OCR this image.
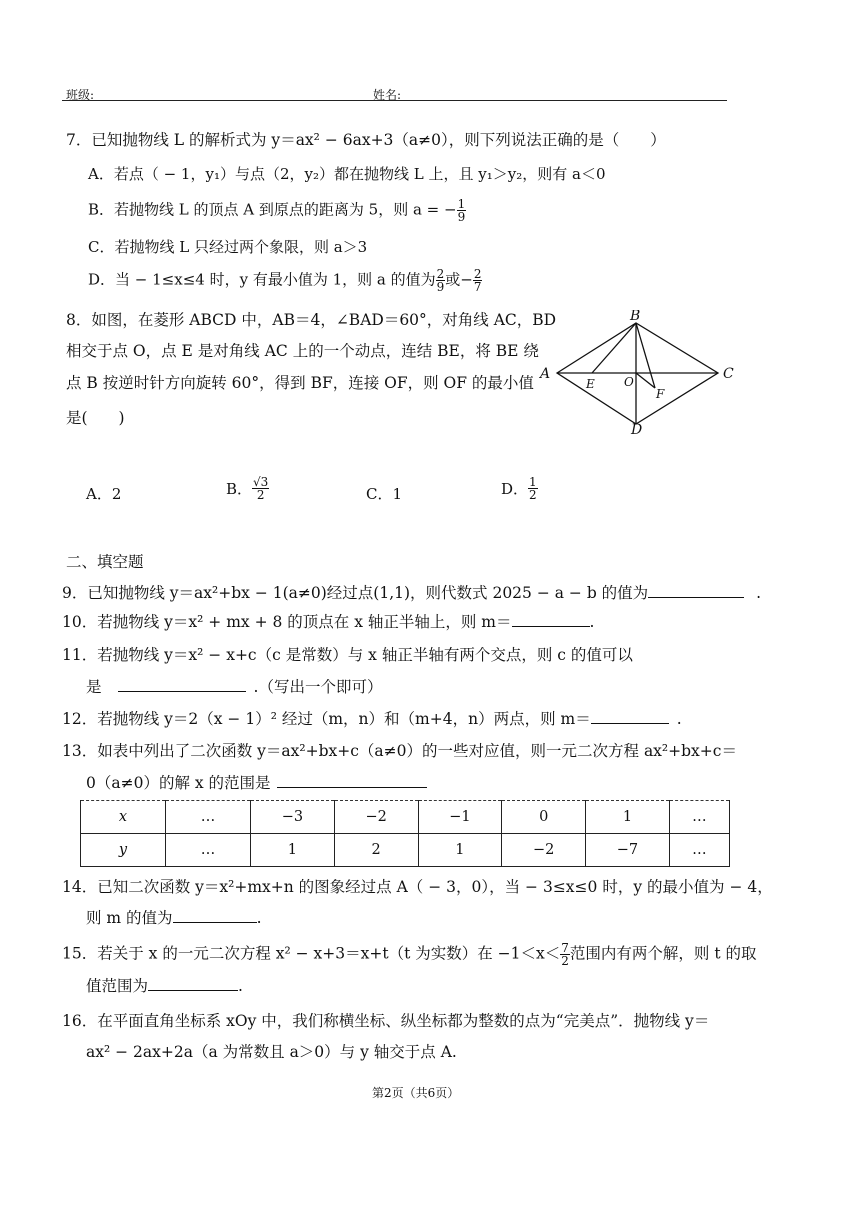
班级:	姓名:
7．已知抛物线 L 的解析式为 y＝ax² − 6ax+3（a≠0），则下列说法正确的是（　　）
A．若点（ − 1，y₁）与点（2，y₂）都在抛物线 L 上，且 y₁＞y₂，则有 a＜0
B．若抛物线 L 的顶点 A 到原点的距离为 5，则 a = − $\frac{1}{9}$
C．若抛物线 L 只经过两个象限，则 a＞3
D．当 − 1≤x≤4 时，y 有最小值为 1，则 a 的值为 $\frac{2}{9}$ 或− $\frac{2}{7}$
8．如图，在菱形 ABCD 中，AB＝4，∠BAD＝60°，对角线 AC，BD
相交于点 O，点 E 是对角线 AC 上的一个动点，连结 BE，将 BE 绕
点 B 按逆时针方向旋转 60°，得到 BF，连接 OF，则 OF 的最小值
是(　　)
B
A	C
D
E O
F
A．2	B． $\frac{√3}{2}$	C．1	D． $\frac{1}{2}$
二、填空题
9．已知抛物线 y＝ax²+bx − 1(a≠0)经过点(1,1)，则代数式 2025 − a − b 的值为	.
10．若抛物线 y＝x² + mx + 8 的顶点在 x 轴正半轴上，则 m＝	.
11．若抛物线 y＝x² − x+c（c 是常数）与 x 轴正半轴有两个交点，则 c 的值可以
是	.（写出一个即可）
12．若抛物线 y＝2（x − 1）² 经过（m，n）和（m+4，n）两点，则 m＝	.
13．如表中列出了二次函数 y＝ax²+bx+c（a≠0）的一些对应值，则一元二次方程 ax²+bx+c＝
0（a≠0）的解 x 的范围是
x	…	−3	−2	−1	0	1	…
y	…	1	2	1	−2	−7	…
14．已知二次函数 y＝x²+mx+n 的图象经过点 A（ − 3，0），当 − 3≤x≤0 时，y 的最小值为 − 4，
则 m 的值为	.
15．若关于 x 的一元二次方程 x² − x+3＝x+t（t 为实数）在 $-1<x< \frac{7}{2}$ 范围内有两个解，则 t 的取
值范围为	.
16．在平面直角坐标系 xOy 中，我们称横坐标、纵坐标都为整数的点为“完美点”．抛物线 y＝
ax² − 2ax+2a（a 为常数且 a＞0）与 y 轴交于点 A.
第2页（共6页）
